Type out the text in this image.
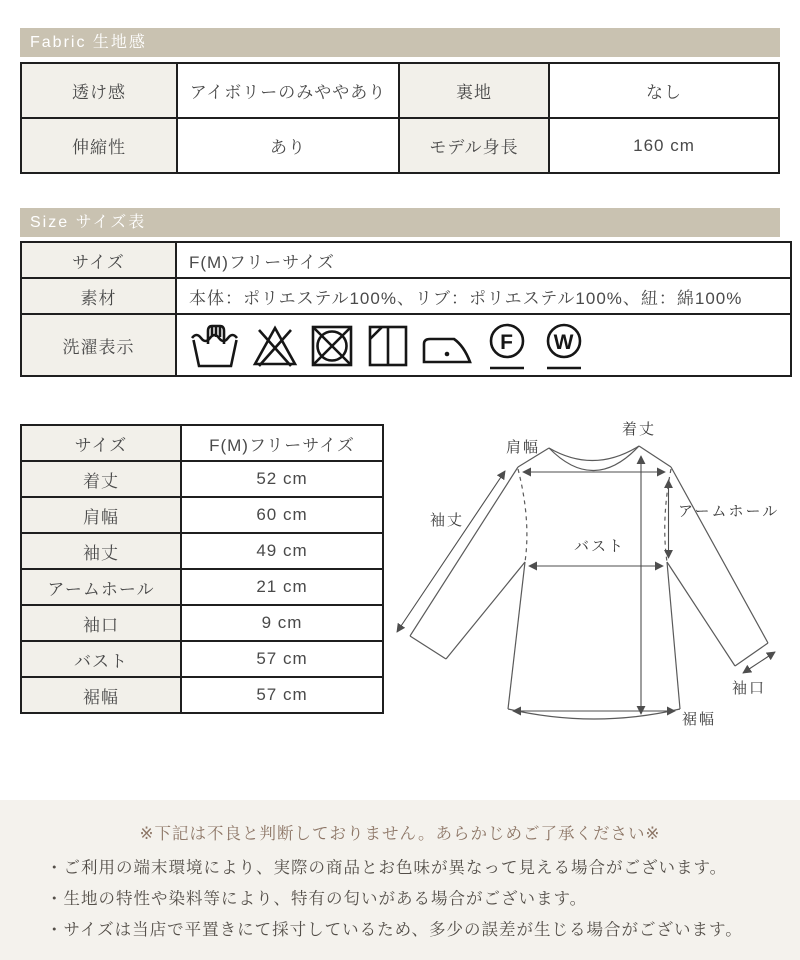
Fabric 生地感
透け感	アイボリーのみややあり	裏地	なし
伸縮性	あり	モデル身長	160 cm
Size サイズ表
サイズ	F(M)フリーサイズ
素材	本体：ポリエステル100%、リブ：ポリエステル100%、紐：綿100%
洗濯表示	F W
サイズ	F(M)フリーサイズ
着丈	52 cm
肩幅	60 cm
袖丈	49 cm
アームホール	21 cm
袖口	9 cm
バスト	57 cm
裾幅	57 cm
着丈
肩幅
袖丈
アームホール
バスト
袖口
裾幅
※下記は不良と判断しておりません。あらかじめご了承ください※
・ご利用の端末環境により、実際の商品とお色味が異なって見える場合がございます。
・生地の特性や染料等により、特有の匂いがある場合がございます。
・サイズは当店で平置きにて採寸しているため、多少の誤差が生じる場合がございます。
